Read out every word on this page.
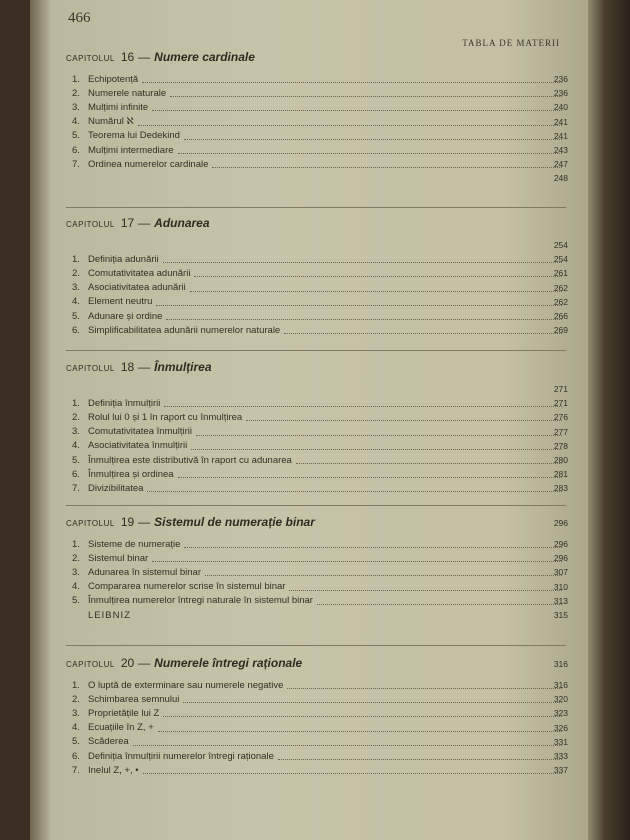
466
TABLA DE MATERII
CAPITOLUL 16 — Numere cardinale
1. Echipotență	236
2. Numerele naturale	236
3. Mulțimi infinite	240
4. Numărul ℵ	241
5. Teorema lui Dedekind	241
6. Mulțimi intermediare	243
7. Ordinea numerelor cardinale	247
248
CAPITOLUL 17 — Adunarea
254
1. Definiția adunării	254
2. Comutativitatea adunării	261
3. Asociativitatea adunării	262
4. Element neutru	262
5. Adunare și ordine	266
6. Simplificabilitatea adunării numerelor naturale	269
CAPITOLUL 18 — Înmulțirea
271
1. Definiția înmulțirii	271
2. Rolul lui 0 și 1 în raport cu înmulțirea	276
3. Comutativitatea înmulțirii	277
4. Asociativitatea înmulțirii	278
5. Înmulțirea este distributivă în raport cu adunarea	280
6. Înmulțirea și ordinea	281
7. Divizibilitatea	283
CAPITOLUL 19 — Sistemul de numerație binar	296
1. Sisteme de numerație	296
2. Sistemul binar	296
3. Adunarea în sistemul binar	307
4. Compararea numerelor scrise în sistemul binar	310
5. Înmulțirea numerelor întregi naturale în sistemul binar	313
LEIBNIZ	315
CAPITOLUL 20 — Numerele întregi raționale	316
1. O luptă de exterminare sau numerele negative	316
2. Schimbarea semnului	320
3. Proprietățile lui Z	323
4. Ecuațiile în Z, +	326
5. Scăderea	331
6. Definiția înmulțirii numerelor întregi raționale	333
7. Inelul Z, +, •	337
